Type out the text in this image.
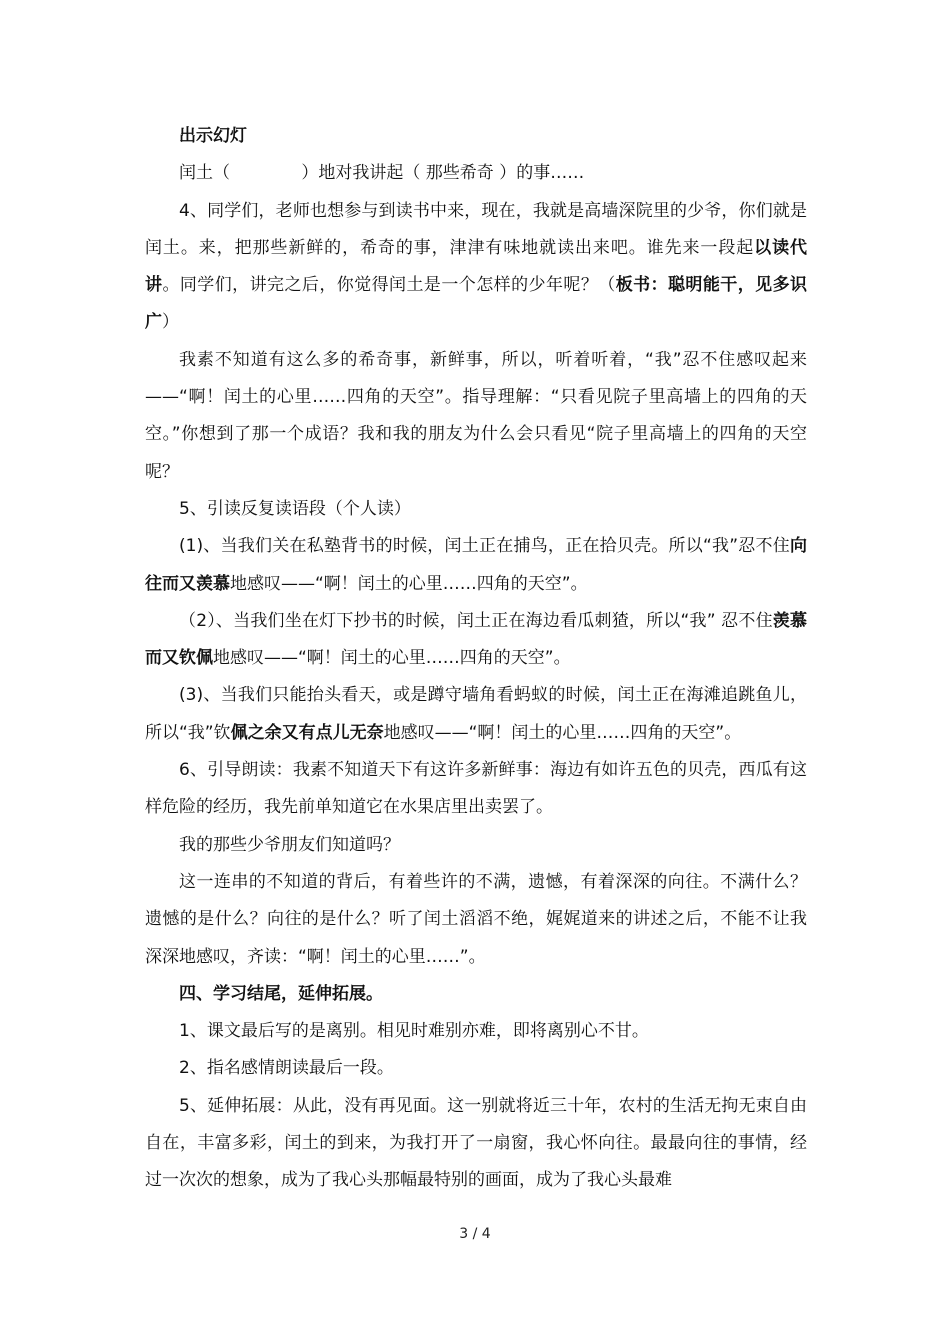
出示幻灯

闰土（	）地对我讲起（ 那些希奇 ）的事……

4、同学们，老师也想参与到读书中来，现在，我就是高墙深院里的少爷，你们就是闰土。来，把那些新鲜的，希奇的事，津津有味地就读出来吧。谁先来一段起以读代讲。同学们，讲完之后，你觉得闰土是一个怎样的少年呢？（板书：聪明能干，见多识广）

我素不知道有这么多的希奇事，新鲜事，所以，听着听着，“我”忍不住感叹起来——“啊！闰土的心里……四角的天空”。指导理解：“只看见院子里高墙上的四角的天空。”你想到了那一个成语？我和我的朋友为什么会只看见“院子里高墙上的四角的天空呢？

5、引读反复读语段（个人读）

(1)、当我们关在私塾背书的时候，闰土正在捕鸟，正在拾贝壳。所以“我”忍不住向往而又羡慕地感叹——“啊！闰土的心里……四角的天空”。

（2）、当我们坐在灯下抄书的时候，闰土正在海边看瓜刺猹，所以“我” 忍不住羡慕而又钦佩地感叹——“啊！闰土的心里……四角的天空”。

(3)、当我们只能抬头看天，或是蹲守墙角看蚂蚁的时候，闰土正在海滩追跳鱼儿，所以“我”钦佩之余又有点儿无奈地感叹——“啊！闰土的心里……四角的天空”。

6、引导朗读：我素不知道天下有这许多新鲜事：海边有如许五色的贝壳，西瓜有这样危险的经历，我先前单知道它在水果店里出卖罢了。

我的那些少爷朋友们知道吗？

这一连串的不知道的背后，有着些许的不满，遗憾，有着深深的向往。不满什么？遗憾的是什么？向往的是什么？听了闰土滔滔不绝，娓娓道来的讲述之后，不能不让我深深地感叹，齐读：“啊！闰土的心里……”。

四、学习结尾，延伸拓展。

1、课文最后写的是离别。相见时难别亦难，即将离别心不甘。

2、指名感情朗读最后一段。

5、延伸拓展：从此，没有再见面。这一别就将近三十年，农村的生活无拘无束自由自在，丰富多彩，闰土的到来，为我打开了一扇窗，我心怀向往。最最向往的事情，经过一次次的想象，成为了我心头那幅最特别的画面，成为了我心头最难

3 / 4
